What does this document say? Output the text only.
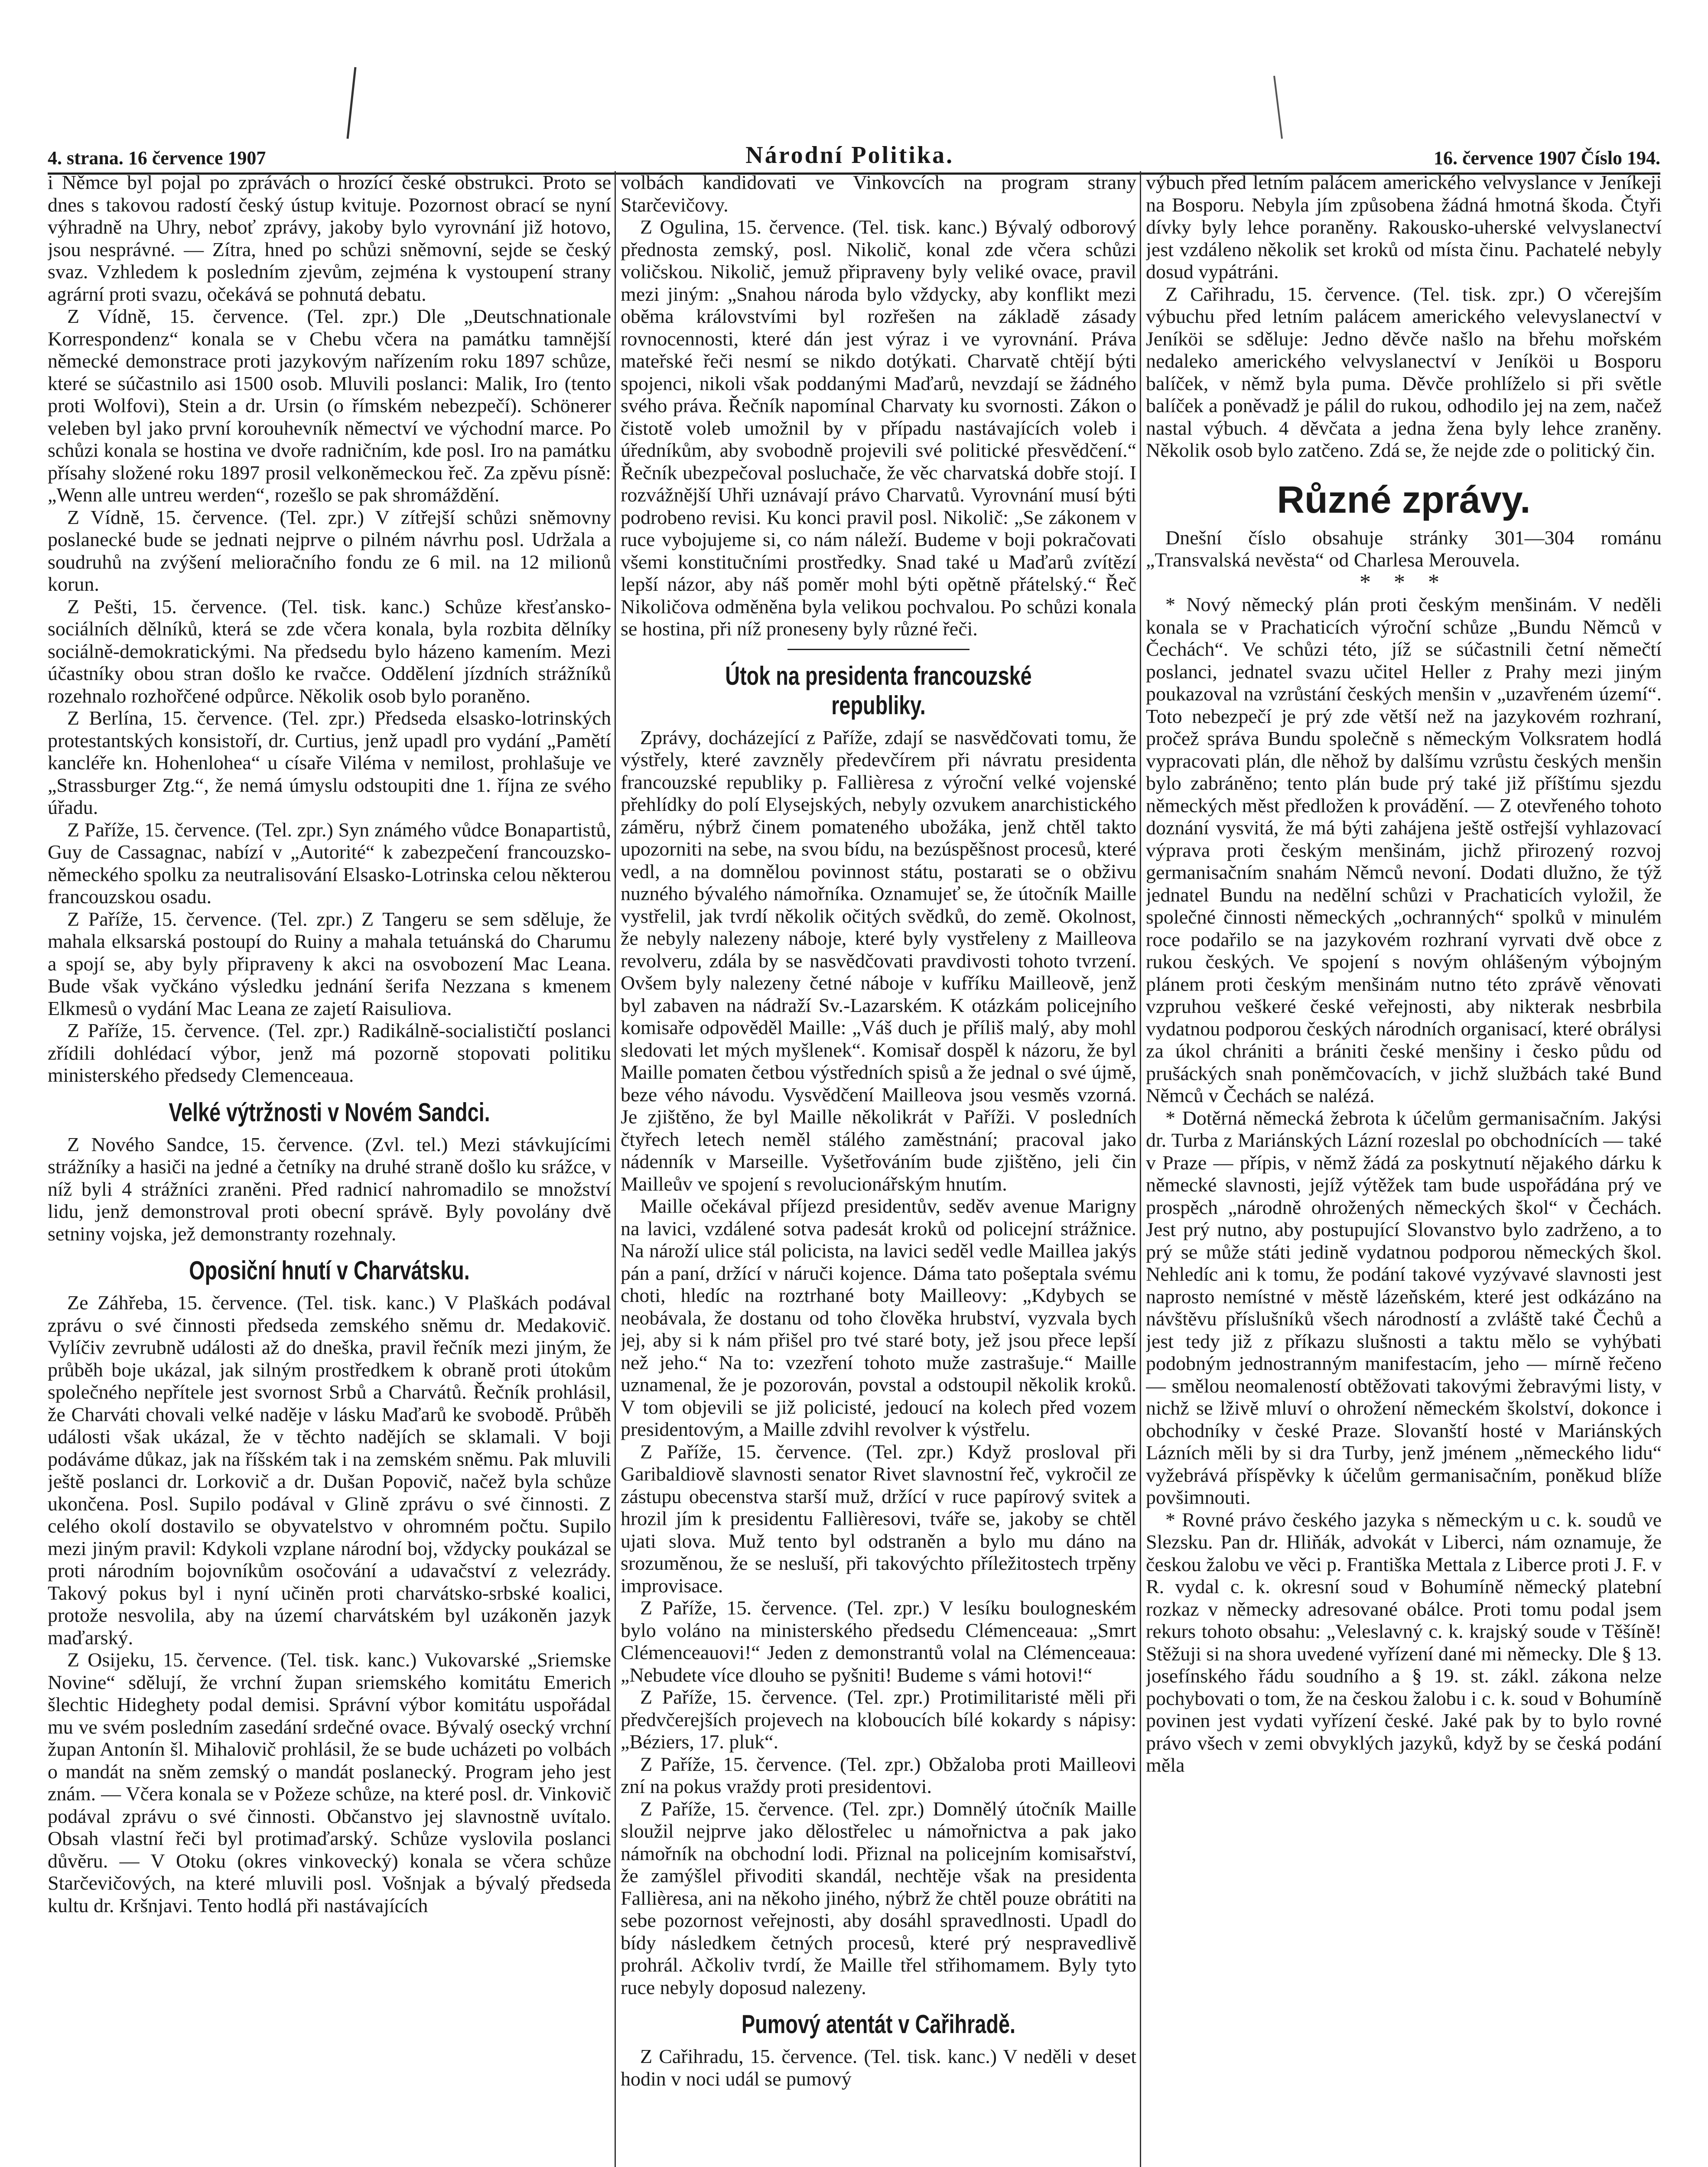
4. strana. 16 července 1907	Národní Politika.	16. července 1907 Číslo 194.

i Němce byl pojal po zprávách o hrozící české obstrukci. Proto se dnes s takovou radostí český ústup kvituje. Pozornost obrací se nyní výhradně na Uhry, neboť zprávy, jakoby bylo vyrovnání již hotovo, jsou nesprávné. — Zítra, hned po schůzi sněmovní, sejde se český svaz. Vzhledem k posledním zjevům, zejména k vystoupení strany agrární proti svazu, očekává se pohnutá debatu.

Z Vídně, 15. července. (Tel. zpr.) Dle „Deutschnationale Korrespondenz“ konala se v Chebu včera na památku tamnější německé demonstrace proti jazykovým nařízením roku 1897 schůze, které se súčastnilo asi 1500 osob. Mluvili poslanci: Malik, Iro (tento proti Wolfovi), Stein a dr. Ursin (o římském nebezpečí). Schönerer veleben byl jako první korouhevník němectví ve východní marce. Po schůzi konala se hostina ve dvoře radničním, kde posl. Iro na památku přísahy složené roku 1897 prosil velkoněmeckou řeč. Za zpěvu písně: „Wenn alle untreu werden“, rozešlo se pak shromáždění.

Z Vídně, 15. července. (Tel. zpr.) V zítřejší schůzi sněmovny poslanecké bude se jednati nejprve o pilném návrhu posl. Udržala a soudruhů na zvýšení melioračního fondu ze 6 mil. na 12 milionů korun.

Z Pešti, 15. července. (Tel. tisk. kanc.) Schůze křesťansko-sociálních dělníků, která se zde včera konala, byla rozbita dělníky sociálně-demokratickými. Na předsedu bylo házeno kamením. Mezi účastníky obou stran došlo ke rvačce. Oddělení jízdních strážníků rozehnalo rozhořčené odpůrce. Několik osob bylo poraněno.

Z Berlína, 15. července. (Tel. zpr.) Předseda elsasko-lotrinských protestantských konsistoří, dr. Curtius, jenž upadl pro vydání „Pamětí kancléře kn. Hohenlohea“ u císaře Viléma v nemilost, prohlašuje ve „Strassburger Ztg.“, že nemá úmyslu odstoupiti dne 1. října ze svého úřadu.

Z Paříže, 15. července. (Tel. zpr.) Syn známého vůdce Bonapartistů, Guy de Cassagnac, nabízí v „Autorité“ k zabezpečení francouzsko-německého spolku za neutralisování Elsasko-Lotrinska celou některou francouzskou osadu.

Z Paříže, 15. července. (Tel. zpr.) Z Tangeru se sem sděluje, že mahala elksarská postoupí do Ruiny a mahala tetuánská do Charumu a spojí se, aby byly připraveny k akci na osvobození Mac Leana. Bude však vyčkáno výsledku jednání šerifa Nezzana s kmenem Elkmesů o vydání Mac Leana ze zajetí Raisuliova.

Z Paříže, 15. července. (Tel. zpr.) Radikálně-socialističtí poslanci zřídili dohlédací výbor, jenž má pozorně stopovati politiku ministerského předsedy Clemenceaua.

Velké výtržnosti v Novém Sandci.

Z Nového Sandce, 15. července. (Zvl. tel.) Mezi stávkujícími strážníky a hasiči na jedné a četníky na druhé straně došlo ku srážce, v níž byli 4 strážníci zraněni. Před radnicí nahromadilo se množství lidu, jenž demonstroval proti obecní správě. Byly povolány dvě setniny vojska, jež demonstranty rozehnaly.

Oposiční hnutí v Charvátsku.

Ze Záhřeba, 15. července. (Tel. tisk. kanc.) V Plaškách podával zprávu o své činnosti předseda zemského sněmu dr. Medakovič. Vylíčiv zevrubně události až do dneška, pravil řečník mezi jiným, že průběh boje ukázal, jak silným prostředkem k obraně proti útokům společného nepřítele jest svornost Srbů a Charvátů. Řečník prohlásil, že Charváti chovali velké naděje v lásku Maďarů ke svobodě. Průběh události však ukázal, že v těchto nadějích se sklamali. V boji podáváme důkaz, jak na říšském tak i na zemském sněmu. Pak mluvili ještě poslanci dr. Lorkovič a dr. Dušan Popovič, načež byla schůze ukončena. Posl. Supilo podával v Glině zprávu o své činnosti. Z celého okolí dostavilo se obyvatelstvo v ohromném počtu. Supilo mezi jiným pravil: Kdykoli vzplane národní boj, vždycky poukázal se proti národním bojovníkům osočování a udavačství z velezrády. Takový pokus byl i nyní učiněn proti charvátsko-srbské koalici, protože nesvolila, aby na území charvátském byl uzákoněn jazyk maďarský.

Z Osijeku, 15. července. (Tel. tisk. kanc.) Vukovarské „Sriemske Novine“ sdělují, že vrchní župan sriemského komitátu Emerich šlechtic Hideghety podal demisi. Správní výbor komitátu uspořádal mu ve svém posledním zasedání srdečné ovace. Bývalý osecký vrchní župan Antonín šl. Mihalovič prohlásil, že se bude ucházeti po volbách o mandát na sněm zemský o mandát poslanecký. Program jeho jest znám. — Včera konala se v Požeze schůze, na které posl. dr. Vinkovič podával zprávu o své činnosti. Občanstvo jej slavnostně uvítalo. Obsah vlastní řeči byl protimaďarský. Schůze vyslovila poslanci důvěru. — V Otoku (okres vinkovecký) konala se včera schůze Starčevičových, na které mluvili posl. Vošnjak a bývalý předseda kultu dr. Kršnjavi. Tento hodlá při nastávajících

volbách kandidovati ve Vinkovcích na program strany Starčevičovy.

Z Ogulina, 15. července. (Tel. tisk. kanc.) Bývalý odborový přednosta zemský, posl. Nikolič, konal zde včera schůzi voličskou. Nikolič, jemuž připraveny byly veliké ovace, pravil mezi jiným: „Snahou národa bylo vždycky, aby konflikt mezi oběma královstvími byl rozřešen na základě zásady rovnocennosti, které dán jest výraz i ve vyrovnání. Práva mateřské řeči nesmí se nikdo dotýkati. Charvatě chtějí býti spojenci, nikoli však poddanými Maďarů, nevzdají se žádného svého práva. Řečník napomínal Charvaty ku svornosti. Zákon o čistotě voleb umožnil by v případu nastávajících voleb i úředníkům, aby svobodně projevili své politické přesvědčení.“ Řečník ubezpečoval posluchače, že věc charvatská dobře stojí. I rozvážnější Uhři uznávají právo Charvatů. Vyrovnání musí býti podrobeno revisi. Ku konci pravil posl. Nikolič: „Se zákonem v ruce vybojujeme si, co nám náleží. Budeme v boji pokračovati všemi konstitučními prostředky. Snad také u Maďarů zvítězí lepší názor, aby náš poměr mohl býti opětně přátelský.“ Řeč Nikoličova odměněna byla velikou pochvalou. Po schůzi konala se hostina, při níž proneseny byly různé řeči.

Útok na presidenta francouzské republiky.

Zprávy, docházející z Paříže, zdají se nasvědčovati tomu, že výstřely, které zavzněly předevčírem při návratu presidenta francouzské republiky p. Fallièresa z výroční velké vojenské přehlídky do polí Elysejských, nebyly ozvukem anarchistického záměru, nýbrž činem pomateného ubožáka, jenž chtěl takto upozorniti na sebe, na svou bídu, na bezúspěšnost procesů, které vedl, a na domnělou povinnost státu, postarati se o obživu nuzného bývalého námořníka. Oznamujeť se, že útočník Maille vystřelil, jak tvrdí několik očitých svědků, do země. Okolnost, že nebyly nalezeny náboje, které byly vystřeleny z Mailleova revolveru, zdála by se nasvědčovati pravdivosti tohoto tvrzení. Ovšem byly nalezeny četné náboje v kufříku Mailleově, jenž byl zabaven na nádraží Sv.-Lazarském. K otázkám policejního komisaře odpověděl Maille: „Váš duch je příliš malý, aby mohl sledovati let mých myšlenek“. Komisař dospěl k názoru, že byl Maille pomaten četbou výstředních spisů a že jednal o své újmě, beze vého návodu. Vysvědčení Mailleova jsou vesměs vzorná. Je zjištěno, že byl Maille několikrát v Paříži. V posledních čtyřech letech neměl stálého zaměstnání; pracoval jako nádenník v Marseille. Vyšetřováním bude zjištěno, jeli čin Mailleův ve spojení s revolucionářským hnutím.

Maille očekával příjezd presidentův, seděv avenue Marigny na lavici, vzdálené sotva padesát kroků od policejní strážnice. Na nároží ulice stál policista, na lavici seděl vedle Maillea jakýs pán a paní, držící v náruči kojence. Dáma tato pošeptala svému choti, hledíc na roztrhané boty Mailleovy: „Kdybych se neobávala, že dostanu od toho člověka hrubství, vyzvala bych jej, aby si k nám přišel pro tvé staré boty, jež jsou přece lepší než jeho.“ Na to: vzezření tohoto muže zastrašuje.“ Maille uznamenal, že je pozorován, povstal a odstoupil několik kroků. V tom objevili se již policisté, jedoucí na kolech před vozem presidentovým, a Maille zdvihl revolver k výstřelu.

Z Paříže, 15. července. (Tel. zpr.) Když prosloval při Garibaldiově slavnosti senator Rivet slavnostní řeč, vykročil ze zástupu obecenstva starší muž, držící v ruce papírový svitek a hrozil jím k presidentu Fallièresovi, tváře se, jakoby se chtěl ujati slova. Muž tento byl odstraněn a bylo mu dáno na srozuměnou, že se nesluší, při takovýchto příležitostech trpěny improvisace.

Z Paříže, 15. července. (Tel. zpr.) V lesíku boulogneském bylo voláno na ministerského předsedu Clémenceaua: „Smrt Clémenceauovi!“ Jeden z demonstrantů volal na Clémenceaua: „Nebudete více dlouho se pyšniti! Budeme s vámi hotovi!“

Z Paříže, 15. července. (Tel. zpr.) Protimilitaristé měli při předvčerejších projevech na kloboucích bílé kokardy s nápisy: „Béziers, 17. pluk“.

Z Paříže, 15. července. (Tel. zpr.) Obžaloba proti Mailleovi zní na pokus vraždy proti presidentovi.

Z Paříže, 15. července. (Tel. zpr.) Domnělý útočník Maille sloužil nejprve jako dělostřelec u námořnictva a pak jako námořník na obchodní lodi. Přiznal na policejním komisařství, že zamýšlel přivoditi skandál, nechtěje však na presidenta Fallièresa, ani na někoho jiného, nýbrž že chtěl pouze obrátiti na sebe pozornost veřejnosti, aby dosáhl spravedlnosti. Upadl do bídy následkem četných procesů, které prý nespravedlivě prohrál. Ačkoliv tvrdí, že Maille třel střihomamem. Byly tyto ruce nebyly doposud nalezeny.

Pumový atentát v Cařihradě.

Z Cařihradu, 15. července. (Tel. tisk. kanc.) V neděli v deset hodin v noci udál se pumový

výbuch před letním palácem amerického velvyslance v Jeníkeji na Bosporu. Nebyla jím způsobena žádná hmotná škoda. Čtyři dívky byly lehce poraněny. Rakousko-uherské velvyslanectví jest vzdáleno několik set kroků od místa činu. Pachatelé nebyly dosud vypátráni.

Z Cařihradu, 15. července. (Tel. tisk. zpr.) O včerejším výbuchu před letním palácem amerického velevyslanectví v Jeníköi se sděluje: Jedno děvče našlo na břehu mořském nedaleko amerického velvyslanectví v Jeníköi u Bosporu balíček, v němž byla puma. Děvče prohlíželo si při světle balíček a poněvadž je pálil do rukou, odhodilo jej na zem, načež nastal výbuch. 4 děvčata a jedna žena byly lehce zraněny. Několik osob bylo zatčeno. Zdá se, že nejde zde o politický čin.

Různé zprávy.

Dnešní číslo obsahuje stránky 301—304 románu „Transvalská nevěsta“ od Charlesa Merouvela.

* * *

* Nový německý plán proti českým menšinám. V neděli konala se v Prachaticích výroční schůze „Bundu Němců v Čechách“. Ve schůzi této, jíž se súčastnili četní němečtí poslanci, jednatel svazu učitel Heller z Prahy mezi jiným poukazoval na vzrůstání českých menšin v „uzavřeném území“. Toto nebezpečí je prý zde větší než na jazykovém rozhraní, pročež správa Bundu společně s německým Volksratem hodlá vypracovati plán, dle něhož by dalšímu vzrůstu českých menšin bylo zabráněno; tento plán bude prý také již příštímu sjezdu německých měst předložen k provádění. — Z otevřeného tohoto doznání vysvitá, že má býti zahájena ještě ostřejší vyhlazovací výprava proti českým menšinám, jichž přirozený rozvoj germanisačním snahám Němců nevoní. Dodati dlužno, že týž jednatel Bundu na nedělní schůzi v Prachaticích vyložil, že společné činnosti německých „ochranných“ spolků v minulém roce podařilo se na jazykovém rozhraní vyrvati dvě obce z rukou českých. Ve spojení s novým ohlášeným výbojným plánem proti českým menšinám nutno této zprávě věnovati vzpruhou veškeré české veřejnosti, aby nikterak nesbrbila vydatnou podporou českých národních organisací, které obrálysi za úkol chrániti a brániti české menšiny i česko půdu od prušáckých snah poněmčovacích, v jichž službách také Bund Němců v Čechách se nalézá.

* Dotěrná německá žebrota k účelům germanisačním. Jakýsi dr. Turba z Mariánských Lázní rozeslal po obchodnících — také v Praze — přípis, v němž žádá za poskytnutí nějakého dárku k německé slavnosti, jejíž výtěžek tam bude uspořádána prý ve prospěch „národně ohrožených německých škol“ v Čechách. Jest prý nutno, aby postupující Slovanstvo bylo zadrženo, a to prý se může státi jedině vydatnou podporou německých škol. Nehledíc ani k tomu, že podání takové vyzývavé slavnosti jest naprosto nemístné v městě lázeňském, které jest odkázáno na návštěvu příslušníků všech národností a zvláště také Čechů a jest tedy již z příkazu slušnosti a taktu mělo se vyhýbati podobným jednostranným manifestacím, jeho — mírně řečeno — smělou neomaleností obtěžovati takovými žebravými listy, v nichž se lživě mluví o ohrožení německém školství, dokonce i obchodníky v české Praze. Slovanští hosté v Mariánských Lázních měli by si dra Turby, jenž jménem „německého lidu“ vyžebrává příspěvky k účelům germanisačním, poněkud blíže povšimnouti.

* Rovné právo českého jazyka s německým u c. k. soudů ve Slezsku. Pan dr. Hliňák, advokát v Liberci, nám oznamuje, že českou žalobu ve věci p. Františka Mettala z Liberce proti J. F. v R. vydal c. k. okresní soud v Bohumíně německý platební rozkaz v německy adresované obálce. Proti tomu podal jsem rekurs tohoto obsahu: „Veleslavný c. k. krajský soude v Těšíně! Stěžuji si na shora uvedené vyřízení dané mi německy. Dle § 13. josefínského řádu soudního a § 19. st. zákl. zákona nelze pochybovati o tom, že na českou žalobu i c. k. soud v Bohumíně povinen jest vydati vyřízení české. Jaké pak by to bylo rovné právo všech v zemi obvyklých jazyků, když by se česká podání měla
